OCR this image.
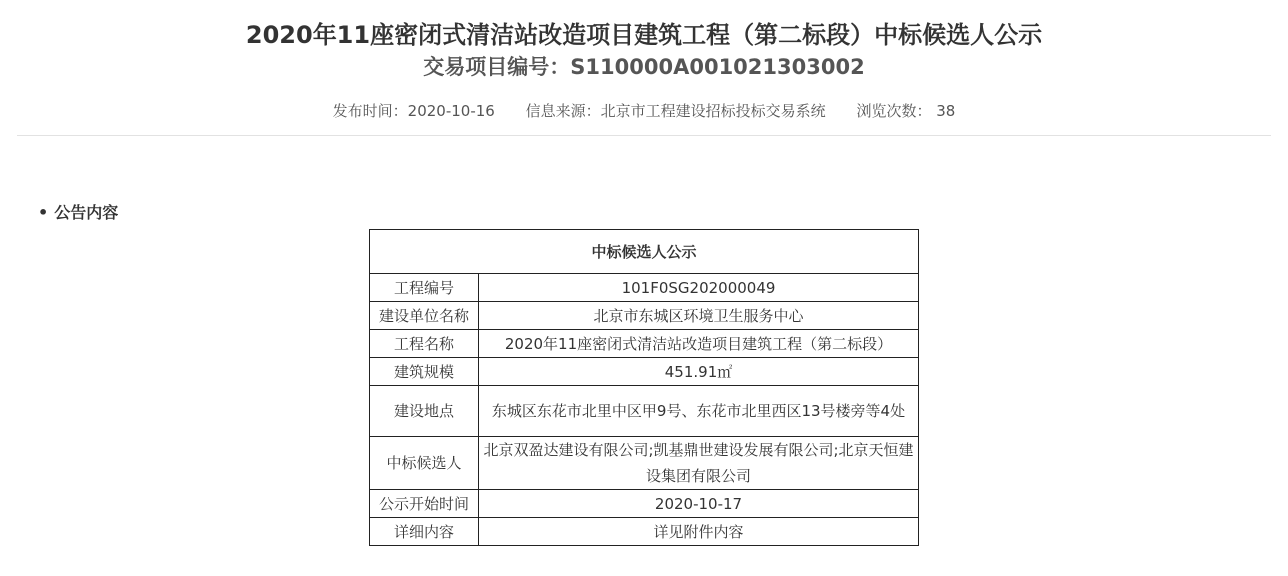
2020年11座密闭式清洁站改造项目建筑工程（第二标段）中标候选人公示
交易项目编号：S110000A001021303002
发布时间：2020-10-16 信息来源：北京市工程建设招标投标交易系统 浏览次数： 38
• 公告内容
中标候选人公示	
工程编号	101F0SG202000049
建设单位名称	北京市东城区环境卫生服务中心
工程名称	2020年11座密闭式清洁站改造项目建筑工程（第二标段）
建筑规模	451.91㎡
建设地点	东城区东花市北里中区甲9号、东花市北里西区13号楼旁等4处
中标候选人	北京双盈达建设有限公司;凯基鼎世建设发展有限公司;北京天恒建设集团有限公司
公示开始时间	2020-10-17
详细内容	详见附件内容
